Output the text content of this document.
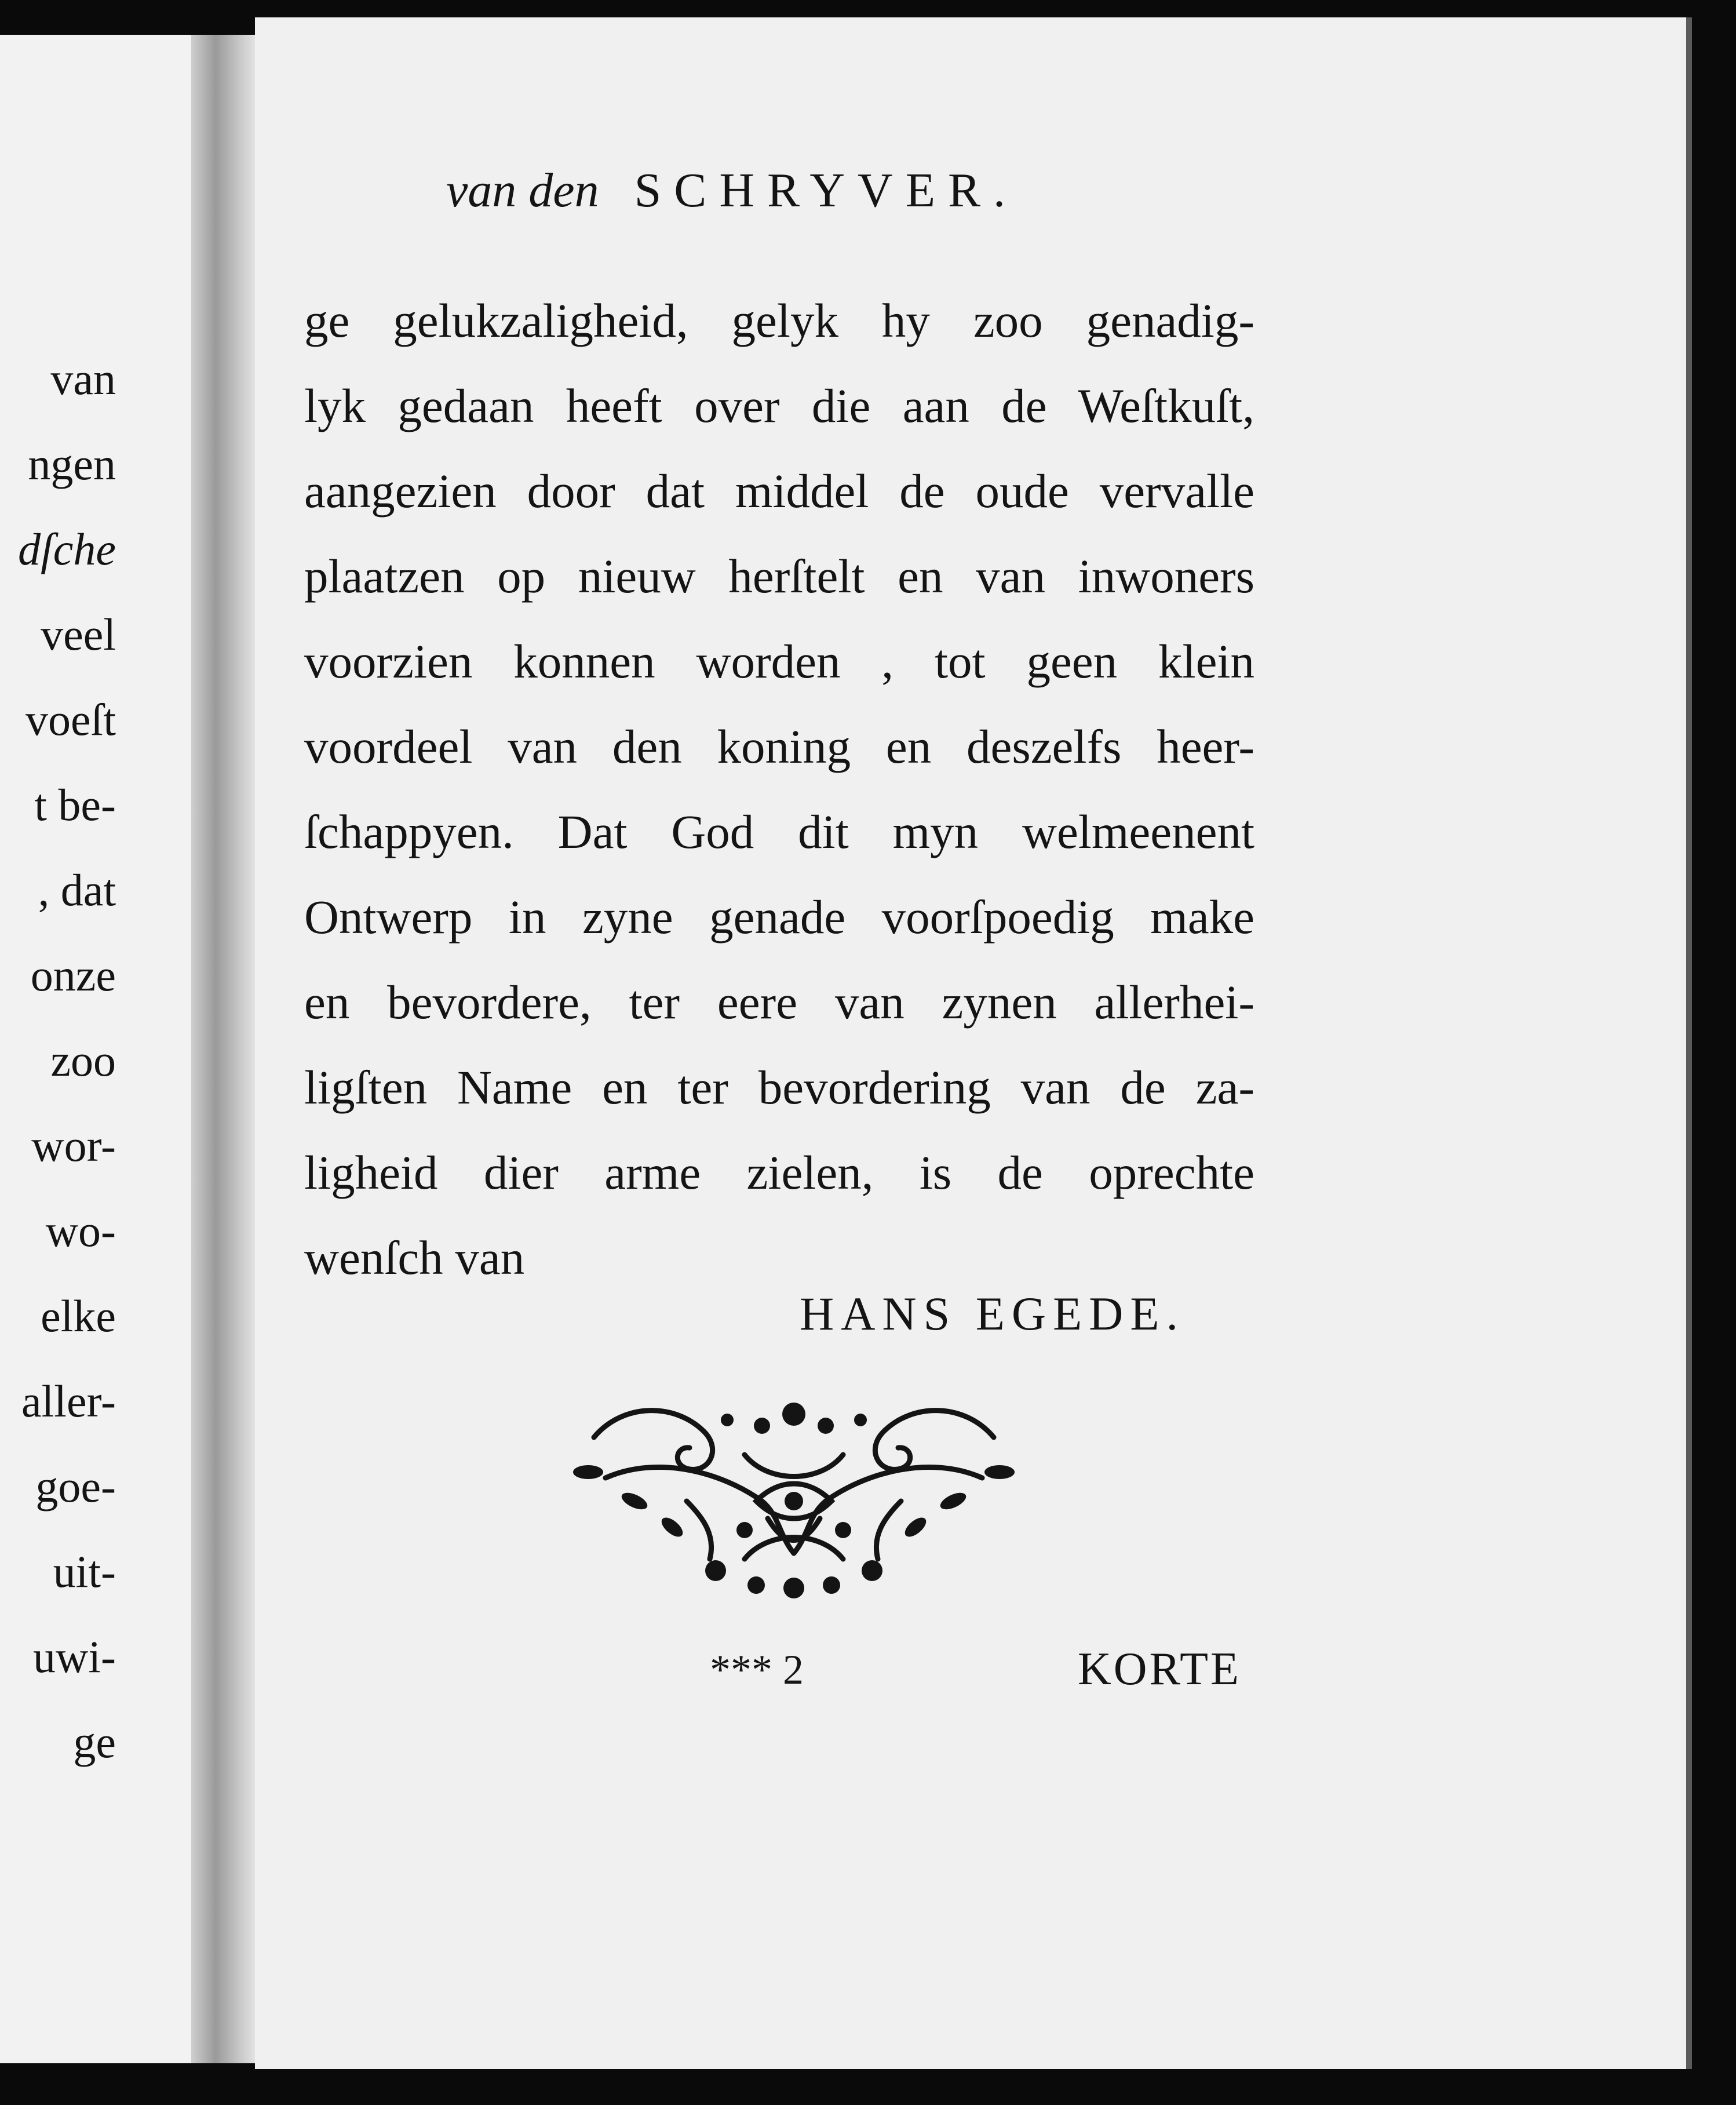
van
ngen
dſche
veel
voeſt
t be-
, dat
onze
zoo
wor-
wo-
elke
aller-
goe-
uit-
uwi-
ge
van den SCHRYVER.
ge gelukzaligheid, gelyk hy zoo genadig-
lyk gedaan heeft over die aan de Weſtkuſt,
aangezien door dat middel de oude vervalle
plaatzen op nieuw herſtelt en van inwoners
voorzien konnen worden , tot geen klein
voordeel van den koning en deszelfs heer-
ſchappyen. Dat God dit myn welmeenent
Ontwerp in zyne genade voorſpoedig make
en bevordere, ter eere van zynen allerhei-
ligſten Name en ter bevordering van de za-
ligheid dier arme zielen, is de oprechte
wenſch van
HANS EGEDE.
*** 2	KORTE
